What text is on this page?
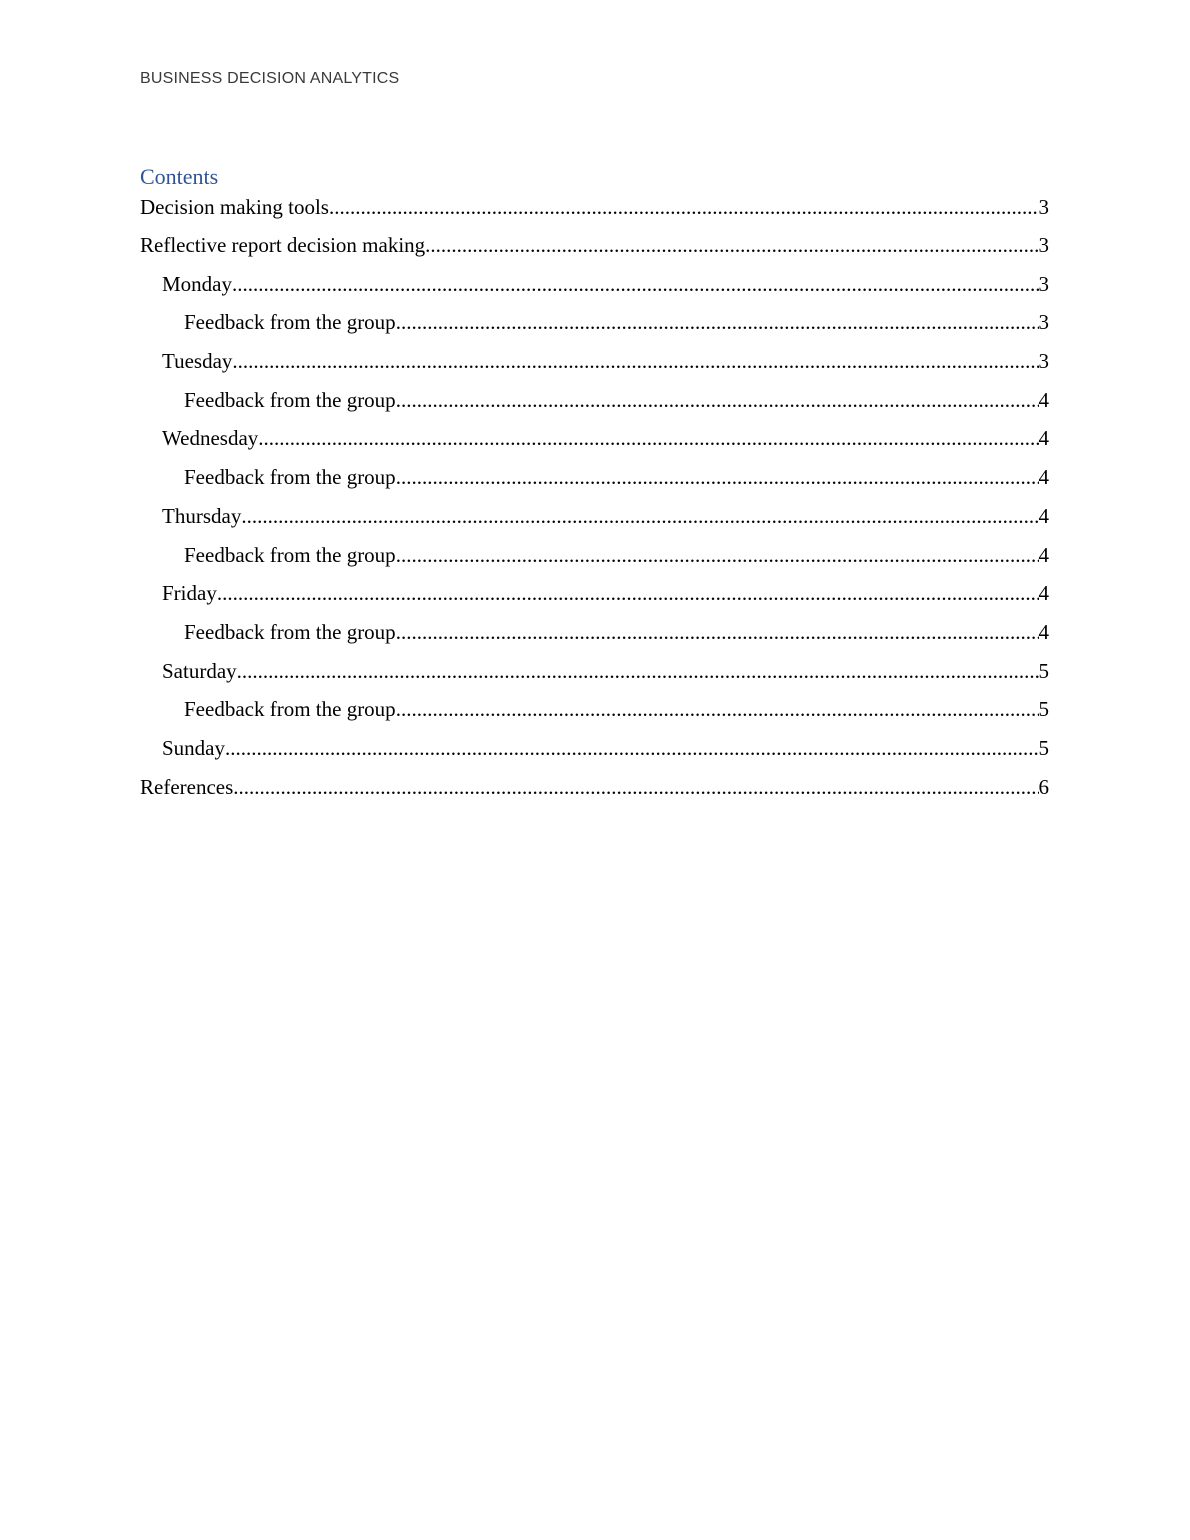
BUSINESS DECISION ANALYTICS
Contents
Decision making tools .....	3
Reflective report decision making .....	3
Monday .....	3
Feedback from the group .....	3
Tuesday .....	3
Feedback from the group .....	4
Wednesday .....	4
Feedback from the group .....	4
Thursday .....	4
Feedback from the group .....	4
Friday .....	4
Feedback from the group .....	4
Saturday .....	5
Feedback from the group .....	5
Sunday .....	5
References .....	6
